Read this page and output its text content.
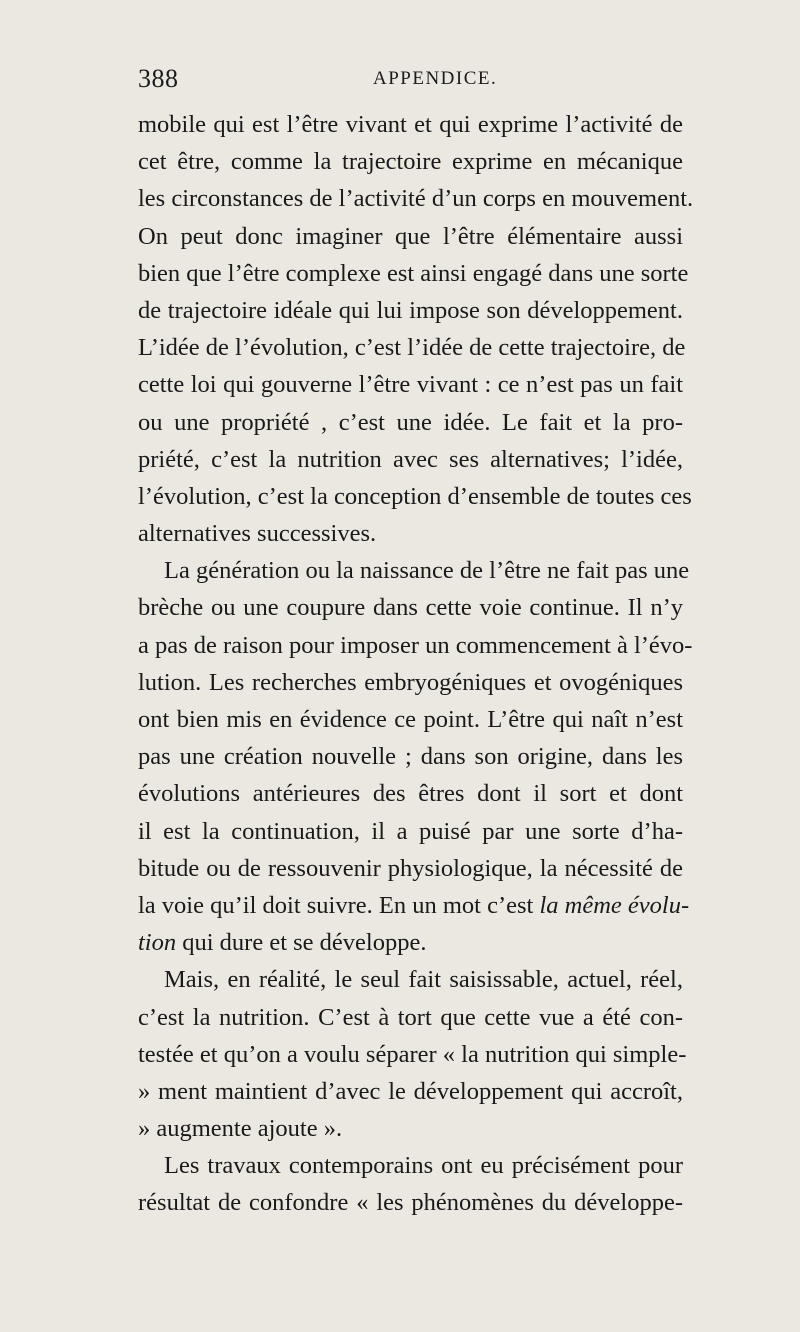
388	APPENDICE.
mobile qui est l’être vivant et qui exprime l’activité de
cet être, comme la trajectoire exprime en mécanique
les circonstances de l’activité d’un corps en mouvement.
On peut donc imaginer que l’être élémentaire aussi
bien que l’être complexe est ainsi engagé dans une sorte
de trajectoire idéale qui lui impose son développement.
L’idée de l’évolution, c’est l’idée de cette trajectoire, de
cette loi qui gouverne l’être vivant : ce n’est pas un fait
ou une propriété , c’est une idée. Le fait et la pro-
priété, c’est la nutrition avec ses alternatives; l’idée,
l’évolution, c’est la conception d’ensemble de toutes ces
alternatives successives.
La génération ou la naissance de l’être ne fait pas une
brèche ou une coupure dans cette voie continue. Il n’y
a pas de raison pour imposer un commencement à l’évo-
lution. Les recherches embryogéniques et ovogéniques
ont bien mis en évidence ce point. L’être qui naît n’est
pas une création nouvelle ; dans son origine, dans les
évolutions antérieures des êtres dont il sort et dont
il est la continuation, il a puisé par une sorte d’ha-
bitude ou de ressouvenir physiologique, la nécessité de
la voie qu’il doit suivre. En un mot c’est la même évolu-
tion qui dure et se développe.
Mais, en réalité, le seul fait saisissable, actuel, réel,
c’est la nutrition. C’est à tort que cette vue a été con-
testée et qu’on a voulu séparer « la nutrition qui simple-
» ment maintient d’avec le développement qui accroît,
» augmente ajoute ».
Les travaux contemporains ont eu précisément pour
résultat de confondre « les phénomènes du développe-
